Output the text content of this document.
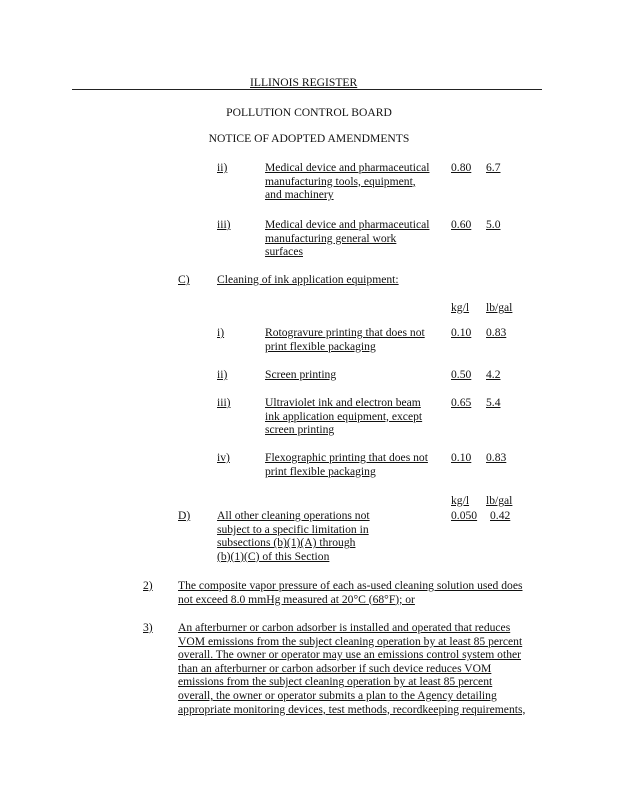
ILLINOIS REGISTER
POLLUTION CONTROL BOARD
NOTICE OF ADOPTED AMENDMENTS
ii)	Medical device and pharmaceutical
manufacturing tools, equipment,
and machinery
0.80 6.7
iii)	Medical device and pharmaceutical
manufacturing general work
surfaces
0.60 5.0
C) Cleaning of ink application equipment:
kg/l lb/gal
i)	Rotogravure printing that does not
print flexible packaging
0.10 0.83
ii)	Screen printing	0.50 4.2
iii)	Ultraviolet ink and electron beam
ink application equipment, except
screen printing
0.65 5.4
iv)	Flexographic printing that does not
print flexible packaging
0.10 0.83
kg/l lb/gal
D) All other cleaning operations not
subject to a specific limitation in
subsections (b)(1)(A) through
(b)(1)(C) of this Section
0.050 0.42
2) The composite vapor pressure of each as-used cleaning solution used does
not exceed 8.0 mmHg measured at 20°C (68°F); or
3) An afterburner or carbon adsorber is installed and operated that reduces
VOM emissions from the subject cleaning operation by at least 85 percent
overall. The owner or operator may use an emissions control system other
than an afterburner or carbon adsorber if such device reduces VOM
emissions from the subject cleaning operation by at least 85 percent
overall, the owner or operator submits a plan to the Agency detailing
appropriate monitoring devices, test methods, recordkeeping requirements,
